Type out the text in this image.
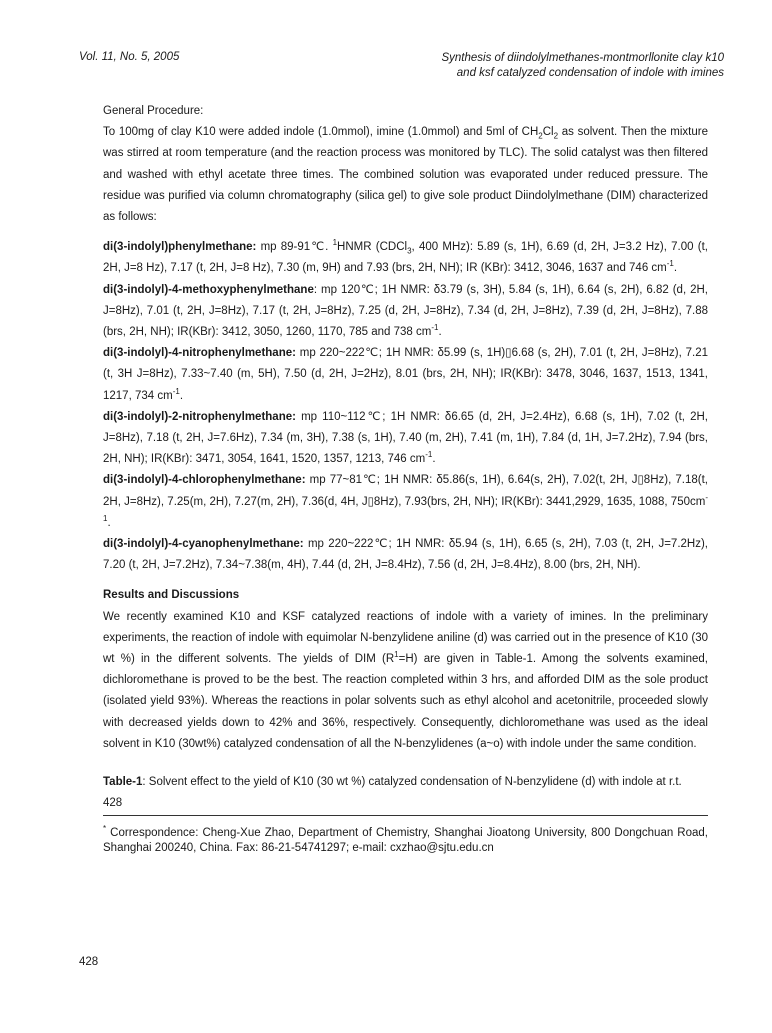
Vol. 11, No. 5, 2005	Synthesis of diindolylmethanes-montmorllonite clay k10
and ksf catalyzed condensation of indole with imines

General Procedure:

To 100mg of clay K10 were added indole (1.0mmol), imine (1.0mmol) and 5ml of $CH_2Cl_2$ as solvent. Then the mixture was stirred at room temperature (and the reaction process was monitored by TLC). The solid catalyst was then filtered and washed with ethyl acetate three times. The combined solution was evaporated under reduced pressure. The residue was purified via column chromatography (silica gel) to give sole product Diindolylmethane (DIM) characterized as follows:

di(3-indolyl)phenylmethane: mp 89-91℃. $^1$HNMR (CDCl$_3$, 400 MHz): 5.89 (s, 1H), 6.69 (d, 2H, J=3.2 Hz), 7.00 (t, 2H, J=8 Hz), 7.17 (t, 2H, J=8 Hz), 7.30 (m, 9H) and 7.93 (brs, 2H, NH); IR (KBr): 3412, 3046, 1637 and 746 $cm^{-1}$.

di(3-indolyl)-4-methoxyphenylmethane: mp 120℃; 1H NMR: δ3.79 (s, 3H), 5.84 (s, 1H), 6.64 (s, 2H), 6.82 (d, 2H, J=8Hz), 7.01 (t, 2H, J=8Hz), 7.17 (t, 2H, J=8Hz), 7.25 (d, 2H, J=8Hz), 7.34 (d, 2H, J=8Hz), 7.39 (d, 2H, J=8Hz), 7.88 (brs, 2H, NH); IR(KBr): 3412, 3050, 1260, 1170, 785 and 738 $cm^{-1}$.

di(3-indolyl)-4-nitrophenylmethane: mp 220~222℃; 1H NMR: δ5.99 (s, 1H)▯6.68 (s, 2H), 7.01 (t, 2H, J=8Hz), 7.21 (t, 3H J=8Hz), 7.33~7.40 (m, 5H), 7.50 (d, 2H, J=2Hz), 8.01 (brs, 2H, NH); IR(KBr): 3478, 3046, 1637, 1513, 1341, 1217, 734 $cm^{-1}$.

di(3-indolyl)-2-nitrophenylmethane: mp 110~112℃; 1H NMR: δ6.65 (d, 2H, J=2.4Hz), 6.68 (s, 1H), 7.02 (t, 2H, J=8Hz), 7.18 (t, 2H, J=7.6Hz), 7.34 (m, 3H), 7.38 (s, 1H), 7.40 (m, 2H), 7.41 (m, 1H), 7.84 (d, 1H, J=7.2Hz), 7.94 (brs, 2H, NH); IR(KBr): 3471, 3054, 1641, 1520, 1357, 1213, 746 $cm^{-1}$.

di(3-indolyl)-4-chlorophenylmethane: mp 77~81℃; 1H NMR: δ5.86(s, 1H), 6.64(s, 2H), 7.02(t, 2H, J▯8Hz), 7.18(t, 2H, J=8Hz), 7.25(m, 2H), 7.27(m, 2H), 7.36(d, 4H, J▯8Hz), 7.93(brs, 2H, NH); IR(KBr): 3441,2929, 1635, 1088, $750cm^{-1}$.

di(3-indolyl)-4-cyanophenylmethane: mp 220~222℃; 1H NMR: δ5.94 (s, 1H), 6.65 (s, 2H), 7.03 (t, 2H, J=7.2Hz), 7.20 (t, 2H, J=7.2Hz), 7.34~7.38(m, 4H), 7.44 (d, 2H, J=8.4Hz), 7.56 (d, 2H, J=8.4Hz), 8.00 (brs, 2H, NH).

Results and Discussions

We recently examined K10 and KSF catalyzed reactions of indole with a variety of imines. In the preliminary experiments, the reaction of indole with equimolar N-benzylidene aniline (d) was carried out in the presence of K10 (30 wt %) in the different solvents. The yields of DIM $(R^1=H)$ are given in Table-1. Among the solvents examined, dichloromethane is proved to be the best. The reaction completed within 3 hrs, and afforded DIM as the sole product (isolated yield 93%). Whereas the reactions in polar solvents such as ethyl alcohol and acetonitrile, proceeded slowly with decreased yields down to 42% and 36%, respectively. Consequently, dichloromethane was used as the ideal solvent in K10 (30wt%) catalyzed condensation of all the N-benzylidenes (a~o) with indole under the same condition.

Table-1: Solvent effect to the yield of K10 (30 wt %) catalyzed condensation of N-benzylidene (d) with indole at r.t.

428

* Correspondence: Cheng-Xue Zhao, Department of Chemistry, Shanghai Jioatong University, 800 Dongchuan Road, Shanghai 200240, China. Fax: 86-21-54741297; e-mail: cxzhao@sjtu.edu.cn

428
